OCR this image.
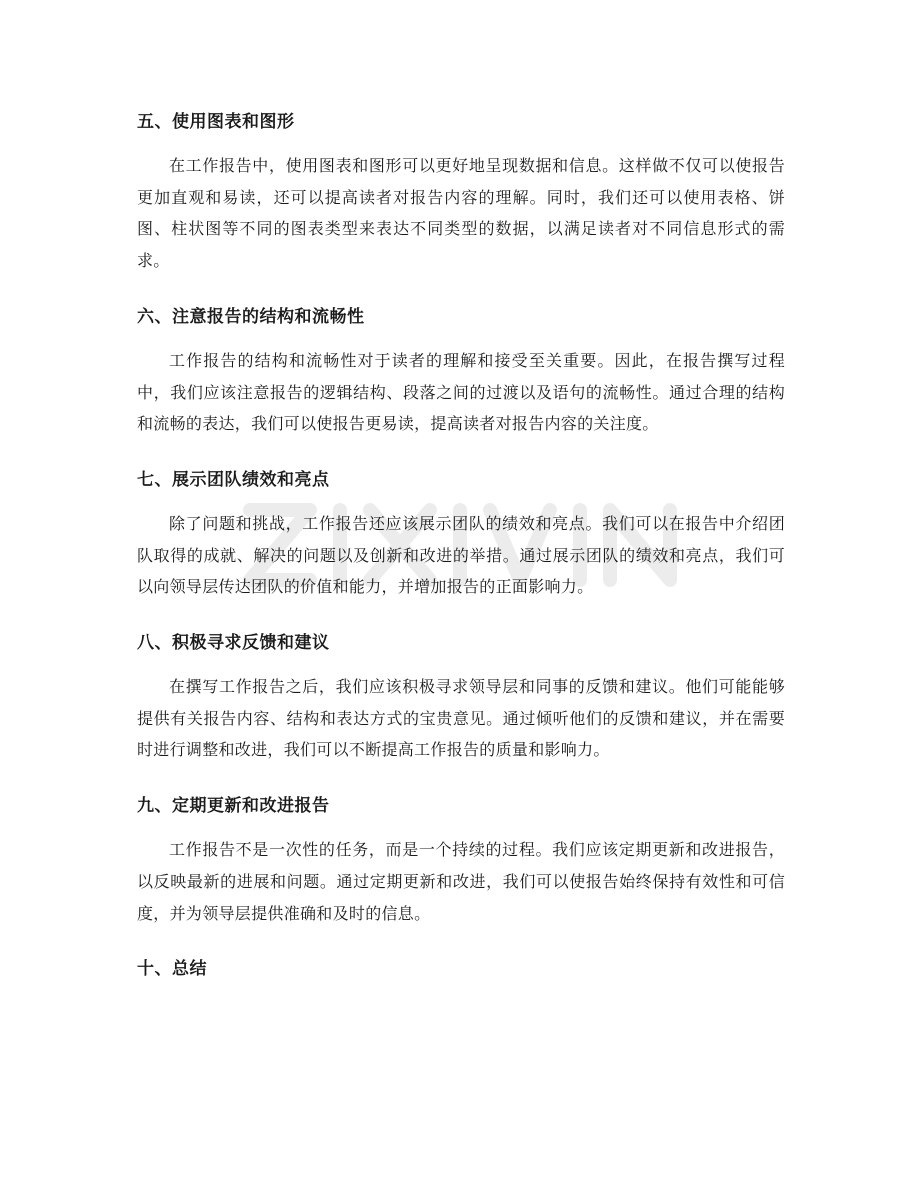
五、使用图表和图形

在工作报告中，使用图表和图形可以更好地呈现数据和信息。这样做不仅可以使报告更加直观和易读，还可以提高读者对报告内容的理解。同时，我们还可以使用表格、饼图、柱状图等不同的图表类型来表达不同类型的数据，以满足读者对不同信息形式的需求。

六、注意报告的结构和流畅性

工作报告的结构和流畅性对于读者的理解和接受至关重要。因此，在报告撰写过程中，我们应该注意报告的逻辑结构、段落之间的过渡以及语句的流畅性。通过合理的结构和流畅的表达，我们可以使报告更易读，提高读者对报告内容的关注度。

七、展示团队绩效和亮点

除了问题和挑战，工作报告还应该展示团队的绩效和亮点。我们可以在报告中介绍团队取得的成就、解决的问题以及创新和改进的举措。通过展示团队的绩效和亮点，我们可以向领导层传达团队的价值和能力，并增加报告的正面影响力。

八、积极寻求反馈和建议

在撰写工作报告之后，我们应该积极寻求领导层和同事的反馈和建议。他们可能能够提供有关报告内容、结构和表达方式的宝贵意见。通过倾听他们的反馈和建议，并在需要时进行调整和改进，我们可以不断提高工作报告的质量和影响力。

九、定期更新和改进报告

工作报告不是一次性的任务，而是一个持续的过程。我们应该定期更新和改进报告，以反映最新的进展和问题。通过定期更新和改进，我们可以使报告始终保持有效性和可信度，并为领导层提供准确和及时的信息。

十、总结
